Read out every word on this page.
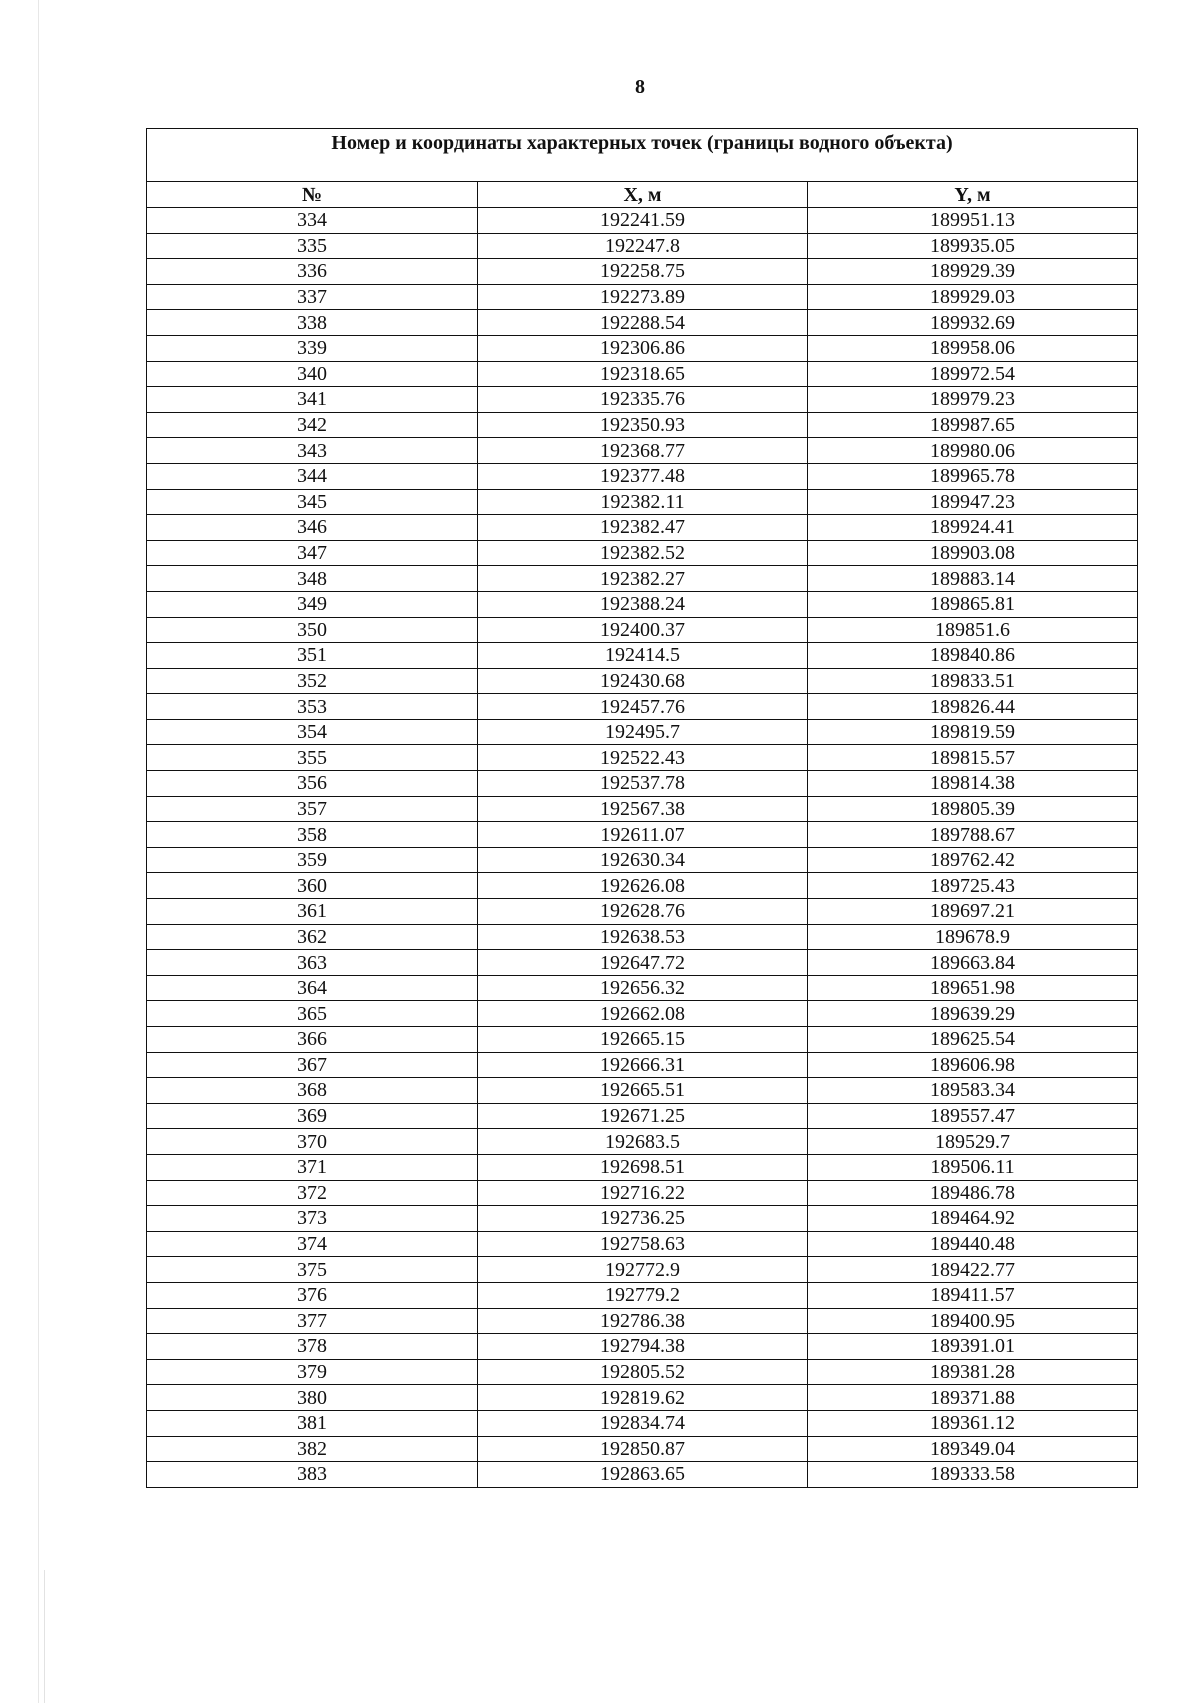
8
Номер и координаты характерных точек (границы водного объекта)		
№	X, м	Y, м
334	192241.59	189951.13
335	192247.8	189935.05
336	192258.75	189929.39
337	192273.89	189929.03
338	192288.54	189932.69
339	192306.86	189958.06
340	192318.65	189972.54
341	192335.76	189979.23
342	192350.93	189987.65
343	192368.77	189980.06
344	192377.48	189965.78
345	192382.11	189947.23
346	192382.47	189924.41
347	192382.52	189903.08
348	192382.27	189883.14
349	192388.24	189865.81
350	192400.37	189851.6
351	192414.5	189840.86
352	192430.68	189833.51
353	192457.76	189826.44
354	192495.7	189819.59
355	192522.43	189815.57
356	192537.78	189814.38
357	192567.38	189805.39
358	192611.07	189788.67
359	192630.34	189762.42
360	192626.08	189725.43
361	192628.76	189697.21
362	192638.53	189678.9
363	192647.72	189663.84
364	192656.32	189651.98
365	192662.08	189639.29
366	192665.15	189625.54
367	192666.31	189606.98
368	192665.51	189583.34
369	192671.25	189557.47
370	192683.5	189529.7
371	192698.51	189506.11
372	192716.22	189486.78
373	192736.25	189464.92
374	192758.63	189440.48
375	192772.9	189422.77
376	192779.2	189411.57
377	192786.38	189400.95
378	192794.38	189391.01
379	192805.52	189381.28
380	192819.62	189371.88
381	192834.74	189361.12
382	192850.87	189349.04
383	192863.65	189333.58
